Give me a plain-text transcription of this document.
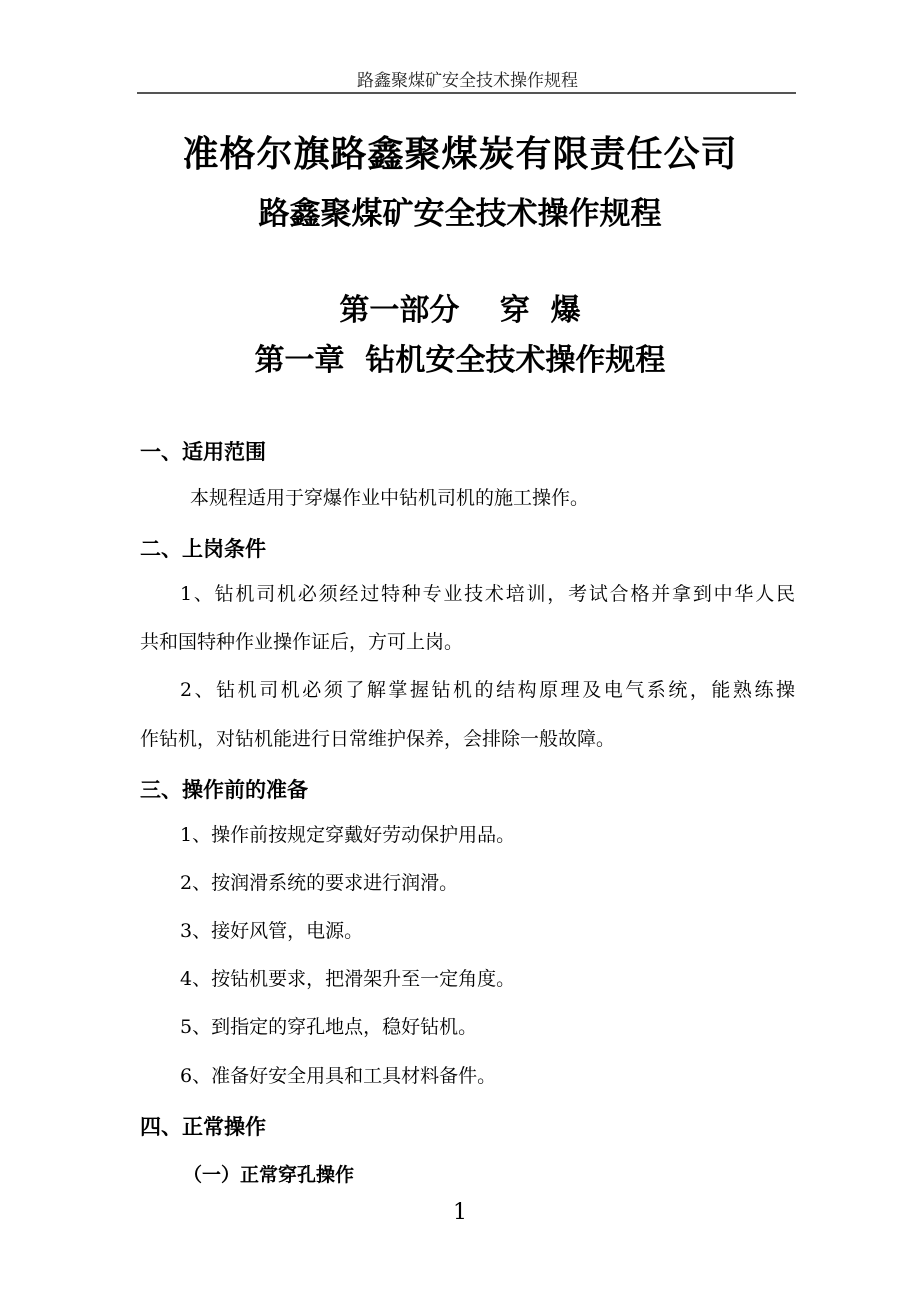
路鑫聚煤矿安全技术操作规程
准格尔旗路鑫聚煤炭有限责任公司
路鑫聚煤矿安全技术操作规程
第一部分　 穿  爆
第一章  钻机安全技术操作规程
一、适用范围
本规程适用于穿爆作业中钻机司机的施工操作。
二、上岗条件
1、钻机司机必须经过特种专业技术培训，考试合格并拿到中华人民
共和国特种作业操作证后，方可上岗。
2、钻机司机必须了解掌握钻机的结构原理及电气系统，能熟练操
作钻机，对钻机能进行日常维护保养，会排除一般故障。
三、操作前的准备
1、操作前按规定穿戴好劳动保护用品。
2、按润滑系统的要求进行润滑。
3、接好风管，电源。
4、按钻机要求，把滑架升至一定角度。
5、到指定的穿孔地点，稳好钻机。
6、准备好安全用具和工具材料备件。
四、正常操作
（一）正常穿孔操作
1
